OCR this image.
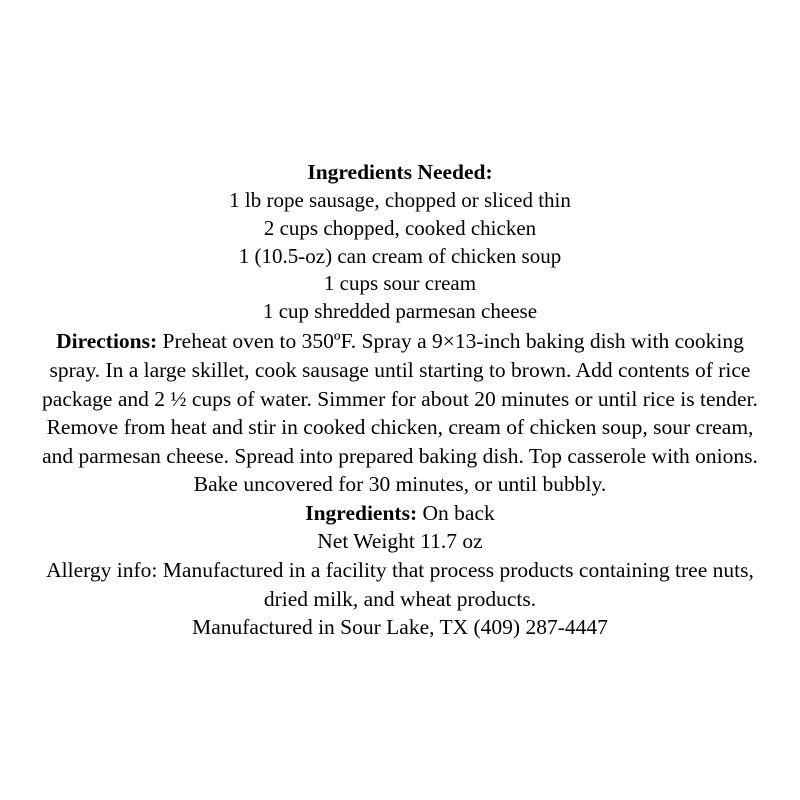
Ingredients Needed:
1 lb rope sausage, chopped or sliced thin
2 cups chopped, cooked chicken
1 (10.5-oz) can cream of chicken soup
1 cups sour cream
1 cup shredded parmesan cheese
Directions: Preheat oven to 350ºF. Spray a 9×13-inch baking dish with cooking spray. In a large skillet, cook sausage until starting to brown. Add contents of rice package and 2 ½ cups of water. Simmer for about 20 minutes or until rice is tender. Remove from heat and stir in cooked chicken, cream of chicken soup, sour cream, and parmesan cheese. Spread into prepared baking dish. Top casserole with onions. Bake uncovered for 30 minutes, or until bubbly.
Ingredients: On back
Net Weight 11.7 oz
Allergy info: Manufactured in a facility that process products containing tree nuts, dried milk, and wheat products.
Manufactured in Sour Lake, TX (409) 287-4447
